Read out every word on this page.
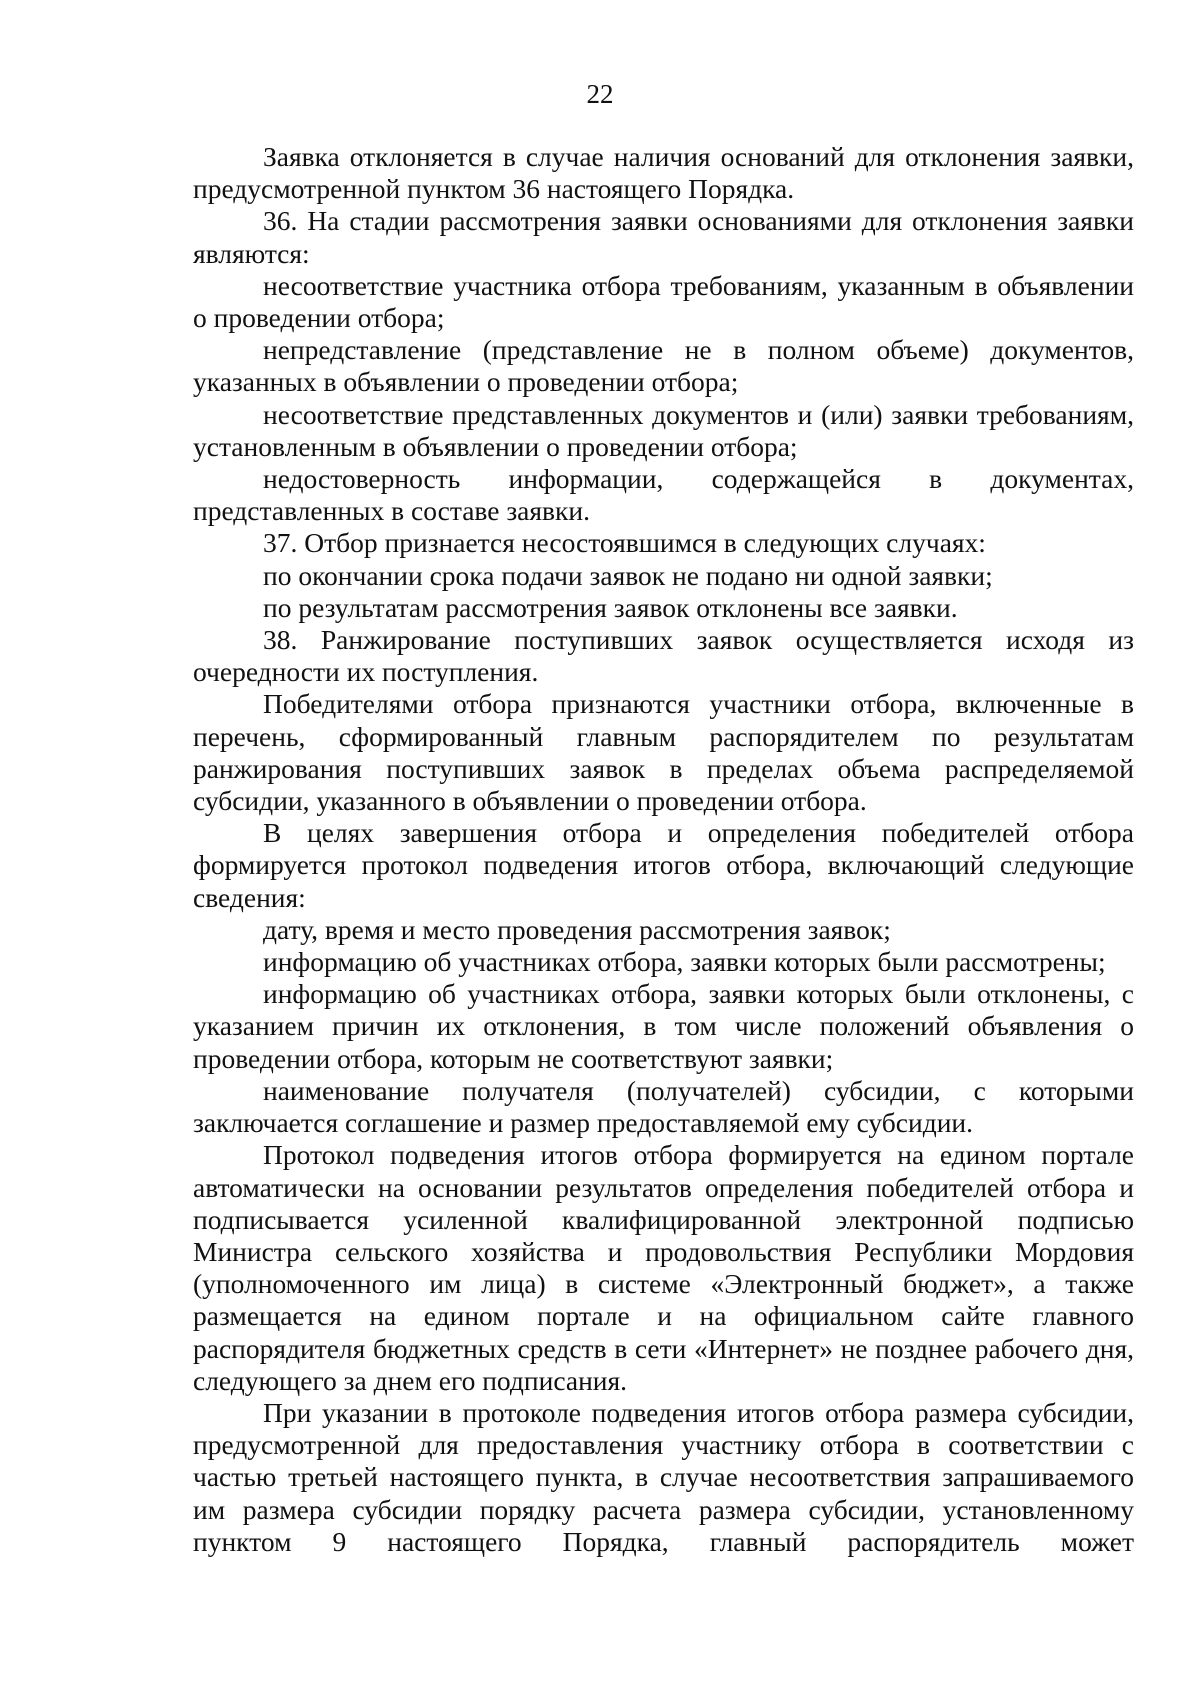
22

Заявка отклоняется в случае наличия оснований для отклонения заявки, предусмотренной пунктом 36 настоящего Порядка.

36. На стадии рассмотрения заявки основаниями для отклонения заявки являются:

несоответствие участника отбора требованиям, указанным в объявлении о проведении отбора;

непредставление (представление не в полном объеме) документов, указанных в объявлении о проведении отбора;

несоответствие представленных документов и (или) заявки требованиям, установленным в объявлении о проведении отбора;

недостоверность информации, содержащейся в документах, представленных в составе заявки.

37. Отбор признается несостоявшимся в следующих случаях:

по окончании срока подачи заявок не подано ни одной заявки;

по результатам рассмотрения заявок отклонены все заявки.

38. Ранжирование поступивших заявок осуществляется исходя из очередности их поступления.

Победителями отбора признаются участники отбора, включенные в перечень, сформированный главным распорядителем по результатам ранжирования поступивших заявок в пределах объема распределяемой субсидии, указанного в объявлении о проведении отбора.

В целях завершения отбора и определения победителей отбора формируется протокол подведения итогов отбора, включающий следующие сведения:

дату, время и место проведения рассмотрения заявок;

информацию об участниках отбора, заявки которых были рассмотрены;

информацию об участниках отбора, заявки которых были отклонены, с указанием причин их отклонения, в том числе положений объявления о проведении отбора, которым не соответствуют заявки;

наименование получателя (получателей) субсидии, с которыми заключается соглашение и размер предоставляемой ему субсидии.

Протокол подведения итогов отбора формируется на едином портале автоматически на основании результатов определения победителей отбора и подписывается усиленной квалифицированной электронной подписью Министра сельского хозяйства и продовольствия Республики Мордовия (уполномоченного им лица) в системе «Электронный бюджет», а также размещается на едином портале и на официальном сайте главного распорядителя бюджетных средств в сети «Интернет» не позднее рабочего дня, следующего за днем его подписания.

При указании в протоколе подведения итогов отбора размера субсидии, предусмотренной для предоставления участнику отбора в соответствии с частью третьей настоящего пункта, в случае несоответствия запрашиваемого им размера субсидии порядку расчета размера субсидии, установленному пунктом 9 настоящего Порядка, главный распорядитель может
